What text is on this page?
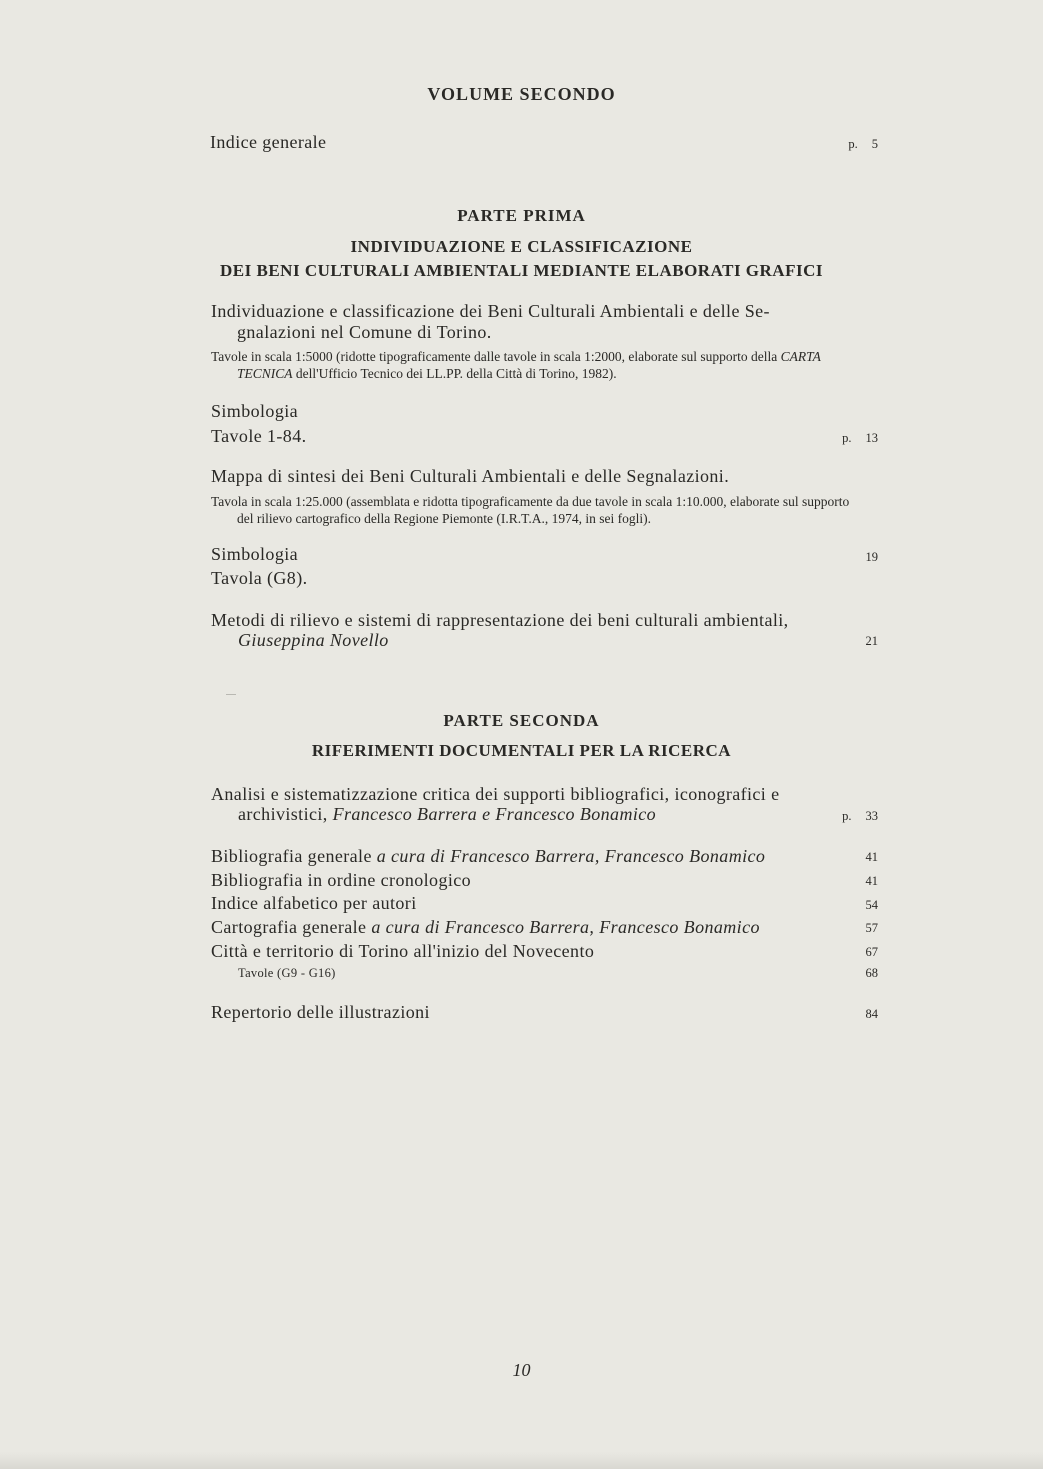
VOLUME SECONDO
Indice generale	p. 5
PARTE PRIMA
INDIVIDUAZIONE E CLASSIFICAZIONE
DEI BENI CULTURALI AMBIENTALI MEDIANTE ELABORATI GRAFICI
Individuazione e classificazione dei Beni Culturali Ambientali e delle Se-
gnalazioni nel Comune di Torino.
Tavole in scala 1:5000 (ridotte tipograficamente dalle tavole in scala 1:2000, elaborate sul supporto della CARTA TECNICA dell'Ufficio Tecnico dei LL.PP. della Città di Torino, 1982).
Simbologia
Tavole 1-84.	p. 13
Mappa di sintesi dei Beni Culturali Ambientali e delle Segnalazioni.
Tavola in scala 1:25.000 (assemblata e ridotta tipograficamente da due tavole in scala 1:10.000, elaborate sul supporto del rilievo cartografico della Regione Piemonte (I.R.T.A., 1974, in sei fogli).
Simbologia	19
Tavola (G8).
Metodi di rilievo e sistemi di rappresentazione dei beni culturali ambientali,
Giuseppina Novello	21
PARTE SECONDA
RIFERIMENTI DOCUMENTALI PER LA RICERCA
Analisi e sistematizzazione critica dei supporti bibliografici, iconografici e
archivistici, Francesco Barrera e Francesco Bonamico	p. 33
Bibliografia generale a cura di Francesco Barrera, Francesco Bonamico	41
Bibliografia in ordine cronologico	41
Indice alfabetico per autori	54
Cartografia generale a cura di Francesco Barrera, Francesco Bonamico	57
Città e territorio di Torino all'inizio del Novecento	67
Tavole (G9 - G16)	68
Repertorio delle illustrazioni	84
10
